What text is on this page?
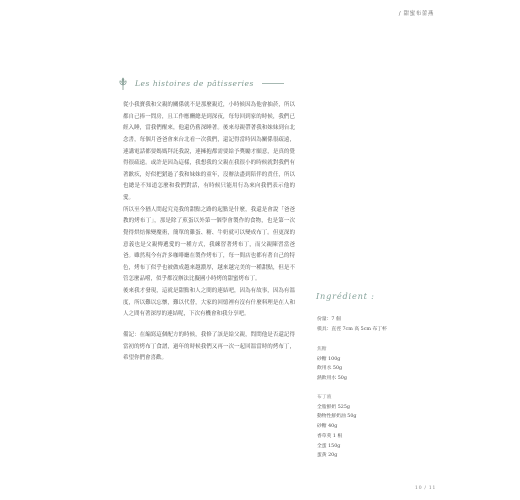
/ 甜蜜布蕾燕
Les histoires de pâtisseries

從小我寶我和父親的關係就不是那麼親近，小時候因為他會抽菸，所以都自己捧一問房，且工作應酬總是到深夜，每每回到家的時候，我們已經入睡，當我們醒來，他還仍舊深睡著。後來母親帶著我和妹妹到台北念書，每個月爸爸會來台北看一次我們，還記得當時因為關係很疏遠，連講電話都要媽媽拜託我說，連擁抱都需要給予獎勵才願意，是真的覺得很疏遠。或許是因為這樣，我想我的父親在我很小的時候就對我們有著歉疚，好似把錯過了我和妹妹的童年，沒辦法盡到陪伴的責任，所以也總是不知道怎麼和我們對話，有時候只能用行為來向我們表示他的愛。

所以至今猶人問起究竟我的甜點之路的起點是什麼，我還是會說「爸爸教的烤布丁」，那是除了煎蛋以外第一個學會製作的食物，也是第一次覺得烘焙像變魔術，簡單的雞蛋、糖、牛奶就可以變成布丁。但更深的意義也是父親傳遞愛的一種方式，我練習著烤布丁，而父親陳習當爸爸。雖然現今有許多咖啡廳在製作烤布丁，每一間店也都有著自己的特色，烤布丁似乎也被做成越來越濃厚，越來越完美的一種甜點，但是不管怎麼品嚐，似乎都沒辦法比擬國小時烤的甜蜜烤布丁。

後來我才發現，這就是甜點和人之間的連結吧，因為有故事，因為有溫度，所以難以忘懷，難以代替，大家的回憶裡有沒有什麼料理是在人和人之間有著深厚的連結呢，下次有機會和我分享吧。

備記：在編寫這個配方的時候，我修了該是給父親，問問他是否還記得當初的烤布丁食譜，過年的時候我們又再一次一起回溫當時的烤布丁，希望你們會喜歡。

Ingrédient :
份量：7 個
模具：直徑 7cm 高 5cm 布丁杯
焦糖
砂糖 100g
飲用水 50g
熱飲用水 50g
布丁液
全脂鮮奶 525g
動物性鮮奶油 50g
砂糖 40g
香草莢 1 根
全蛋 150g
蛋黃 20g
10 / 11
